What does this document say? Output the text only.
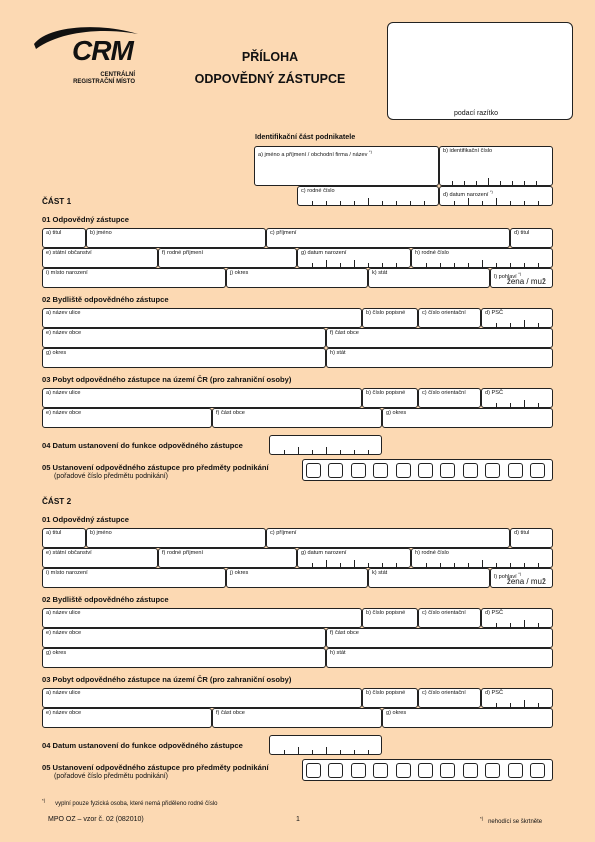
CRM
CENTRÁLNÍ
REGISTRAČNÍ MÍSTO
PŘÍLOHA
ODPOVĚDNÝ ZÁSTUPCE
podací razítko
Identifikační část podnikatele
a) jméno a příjmení / obchodní firma / název *)	b) identifikační číslo
c) rodné číslo
d) datum narození *)
ČÁST 1
01 Odpovědný zástupce
a) titul	b) jméno	c) příjmení	d) titul
e) státní občanství	f) rodné příjmení	g) datum narození	h) rodné číslo
i) místo narození	j) okres	k) stát
l) pohlaví *)
žena / muž
02 Bydliště odpovědného zástupce
a) název ulice	b) číslo popisné	c) číslo orientační	d) PSČ
e) název obce	f) část obce
g) okres	h) stát
03 Pobyt odpovědného zástupce na území ČR (pro zahraniční osoby)
a) název ulice	b) číslo popisné	c) číslo orientační	d) PSČ
e) název obce	f) část obce	g) okres
04 Datum ustanovení do funkce odpovědného zástupce
05 Ustanovení odpovědného zástupce pro předměty podnikání
(pořadové číslo předmětu podnikání)
ČÁST 2
01 Odpovědný zástupce
a) titul	b) jméno	c) příjmení	d) titul
e) státní občanství	f) rodné příjmení	g) datum narození	h) rodné číslo
i) místo narození	j) okres	k) stát
l) pohlaví *)
žena / muž
02 Bydliště odpovědného zástupce
a) název ulice	b) číslo popisné	c) číslo orientační	d) PSČ
e) název obce	f) část obce
g) okres	h) stát
03 Pobyt odpovědného zástupce na území ČR (pro zahraniční osoby)
a) název ulice	b) číslo popisné	c) číslo orientační	d) PSČ
e) název obce	f) část obce	g) okres
04 Datum ustanovení do funkce odpovědného zástupce
05 Ustanovení odpovědného zástupce pro předměty podnikání
(pořadové číslo předmětu podnikání)
*) vyplní pouze fyzická osoba, které nemá přiděleno rodné číslo
MPO OZ – vzor č. 02 (082010)	1	*) nehodící se škrtněte
